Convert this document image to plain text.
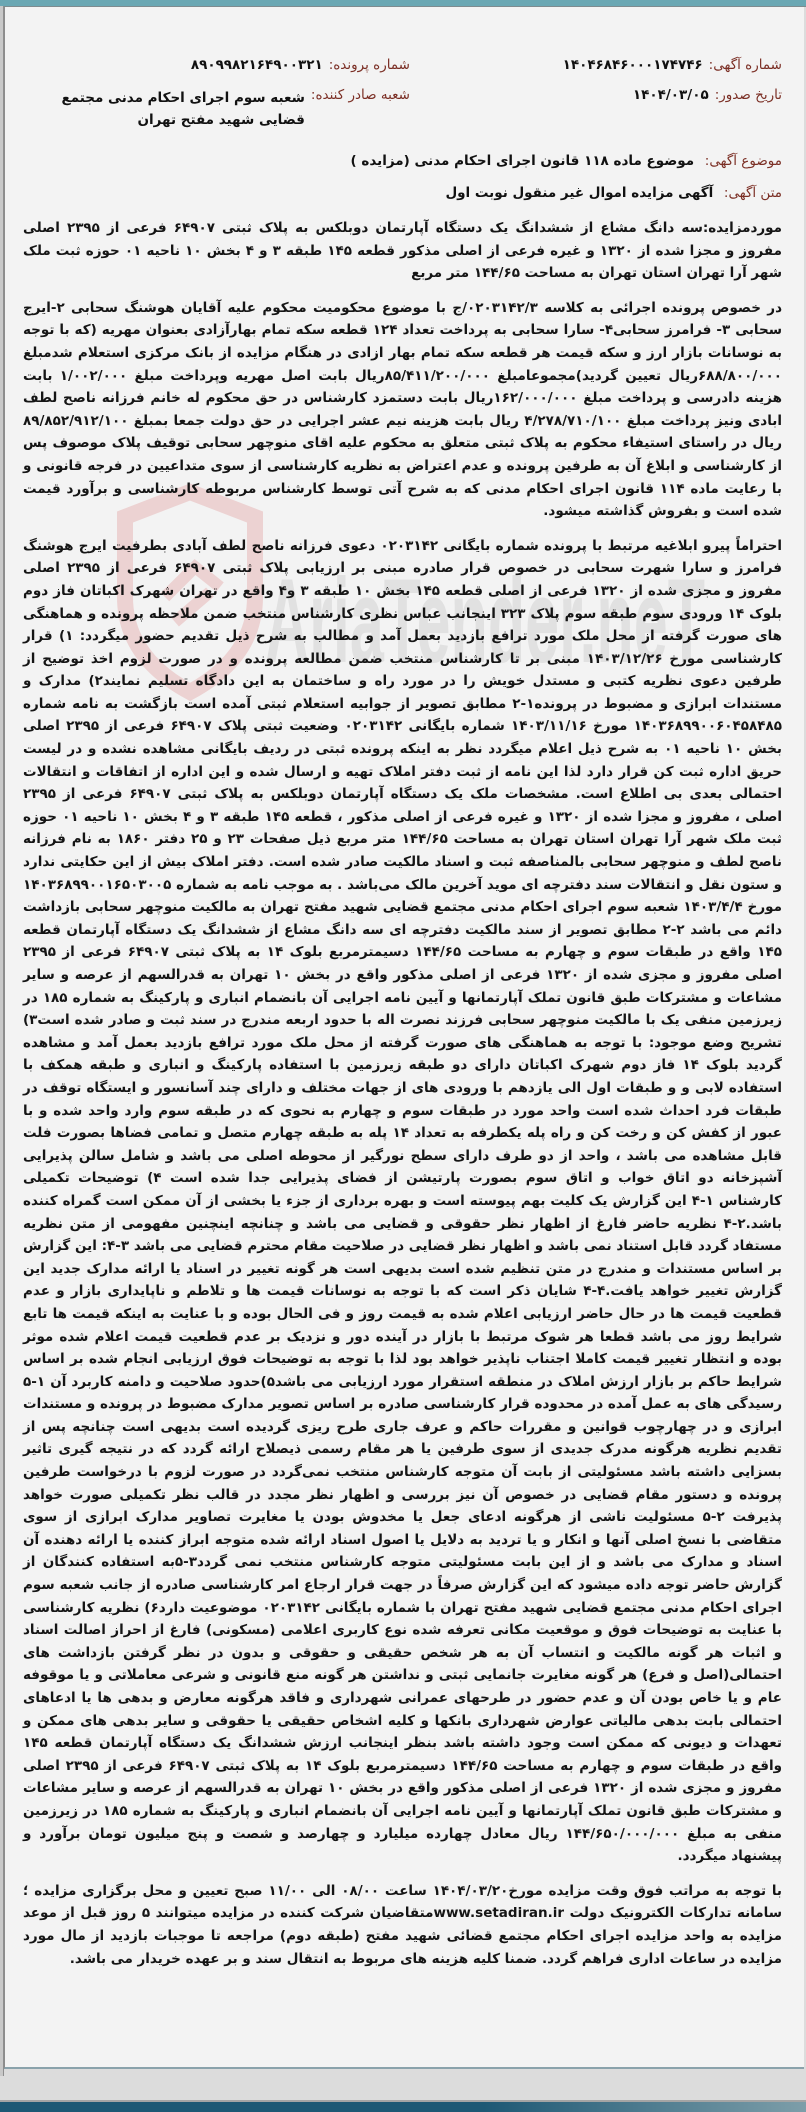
AriaTender.neT
شماره آگهی:
۱۴۰۴۶۸۴۶۰۰۰۱۷۴۷۴۶
شماره پرونده:
۸۹۰۹۹۸۲۱۶۴۹۰۰۳۲۱
تاریخ صدور:
۱۴۰۴/۰۳/۰۵
شعبه صادر کننده:
شعبه سوم اجرای احکام مدنی مجتمع قضایی شهید مفتح تهران
موضوع آگهی: موضوع ماده ۱۱۸ قانون اجرای احکام مدنی (مزایده )
متن آگهی: آگهی مزایده اموال غیر منقول نوبت اول

موردمزایده:سه دانگ مشاع از ششدانگ یک دستگاه آپارتمان دوبلکس به پلاک ثبتی ۶۴۹۰۷ فرعی از ۲۳۹۵ اصلی مفروز و مجزا شده از ۱۳۲۰ و غیره فرعی از اصلی مذکور قطعه ۱۴۵ طبقه ۳ و ۴ بخش ۱۰ ناحیه ۰۱ حوزه ثبت ملک شهر آرا تهران استان تهران به مساحت ۱۴۴/۶۵ متر مربع

در خصوص پرونده اجرائی به کلاسه ۰۲۰۳۱۴۲/۳/ج با موضوع محکومیت محکوم علیه آقایان هوشنگ سحابی ۲-ایرج سحابی ۳- فرامرز سحابی۴- سارا سحابی به پرداخت تعداد ۱۲۴ قطعه سکه تمام بهارآزادی بعنوان مهریه (که با توجه به نوسانات بازار ارز و سکه قیمت هر قطعه سکه تمام بهار ازادی در هنگام مزایده از بانک مرکزی استعلام شدمبلغ ۶۸۸/۸۰۰/۰۰۰ریال تعیین گردید)مجموعامبلغ ۸۵/۴۱۱/۲۰۰/۰۰۰ریال بابت اصل مهریه وپرداخت مبلغ ۱/۰۰۲/۰۰۰ بابت هزینه دادرسی و پرداخت مبلغ ۱۶۲/۰۰۰/۰۰۰ریال بابت دستمزد کارشناس در حق محکوم له خانم فرزانه ناصح لطف ابادی ونیز پرداخت مبلغ ۴/۲۷۸/۷۱۰/۱۰۰ ریال بابت هزینه نیم عشر اجرایی در حق دولت جمعا بمبلغ ۸۹/۸۵۲/۹۱۲/۱۰۰ ریال در راستای استیفاء محکوم به پلاک ثبتی متعلق به محکوم علیه اقای منوچهر سحابی توقیف پلاک موصوف پس از کارشناسی و ابلاغ آن به طرفین پرونده و عدم اعتراض به نظریه کارشناسی از سوی متداعیین در فرجه قانونی و با رعایت ماده ۱۱۴ قانون اجرای احکام مدنی که به شرح آتی توسط کارشناس مربوطه کارشناسی و برآورد قیمت شده است و بفروش گذاشته میشود.

احتراماً پیرو ابلاغیه مرتبط با پرونده شماره بایگانی ۰۲۰۳۱۴۲ دعوی فرزانه ناصح لطف آبادی بطرفیت ایرج هوشنگ فرامرز و سارا شهرت سحابی در خصوص قرار صادره مبنی بر ارزیابی پلاک ثبتی ۶۴۹۰۷ فرعی از ۲۳۹۵ اصلی مفروز و مجزی شده از ۱۳۲۰ فرعی از اصلی قطعه ۱۴۵ بخش ۱۰ طبقه ۳ و۴ واقع در تهران شهرک اکباتان فاز دوم بلوک ۱۴ ورودی سوم طبقه سوم پلاک ۳۲۳ اینجانب عباس نظری کارشناس منتخب ضمن ملاحظه پرونده و هماهنگی های صورت گرفته از محل ملک مورد ترافع بازدید بعمل آمد و مطالب به شرح ذیل تقدیم حضور میگردد: ۱) قرار کارشناسی مورخ ۱۴۰۳/۱۲/۲۶ مبنی بر تا کارشناس منتخب ضمن مطالعه پرونده و در صورت لزوم اخذ توضیح از طرفین دعوی نظریه کتبی و مستدل خویش را در مورد راه و ساختمان به این دادگاه تسلیم نمایند۲) مدارک و مستندات ابرازی و مضبوط در پرونده۱-۲ مطابق تصویر از جوابیه استعلام ثبتی آمده است بازگشت به نامه شماره ۱۴۰۳۶۸۹۹۰۰۶۰۴۵۸۴۸۵ مورخ ۱۴۰۳/۱۱/۱۶ شماره بایگانی ۰۲۰۳۱۴۲ وضعیت ثبتی پلاک ۶۴۹۰۷ فرعی از ۲۳۹۵ اصلی بخش ۱۰ ناحیه ۰۱ به شرح ذیل اعلام میگردد نظر به اینکه پرونده ثبتی در ردیف بایگانی مشاهده نشده و در لیست حریق اداره ثبت کن قرار دارد لذا این نامه از ثبت دفتر املاک تهیه و ارسال شده و این اداره از اتفاقات و انتقالات احتمالی بعدی بی اطلاع است. مشخصات ملک یک دستگاه آپارتمان دوبلکس به پلاک ثبتی ۶۴۹۰۷ فرعی از ۲۳۹۵ اصلی ، مفروز و مجزا شده از ۱۳۲۰ و غیره فرعی از اصلی مذکور ، قطعه ۱۴۵ طبقه ۳ و ۴ بخش ۱۰ ناحیه ۰۱ حوزه ثبت ملک شهر آرا تهران استان تهران به مساحت ۱۴۴/۶۵ متر مربع ذیل صفحات ۲۳ و ۲۵ دفتر ۱۸۶۰ به نام فرزانه ناصح لطف و منوچهر سحابی بالمناصفه ثبت و اسناد مالکیت صادر شده است. دفتر املاک بیش از این حکایتی ندارد و ستون نقل و انتقالات سند دفترچه ای موید آخرین مالک می‌باشد . به موجب نامه به شماره ۱۴۰۳۶۸۹۹۰۰۱۶۵۰۳۰۰۵ مورخ ۱۴۰۳/۴/۴ شعبه سوم اجرای احکام مدنی مجتمع قضایی شهید مفتح تهران به مالکیت منوچهر سحابی بازداشت دائم می باشد ۲-۲ مطابق تصویر از سند مالکیت دفترچه ای سه دانگ مشاع از ششدانگ یک دستگاه آپارتمان قطعه ۱۴۵ واقع در طبقات سوم و چهارم به مساحت ۱۴۴/۶۵ دسیمترمربع بلوک ۱۴ به پلاک ثبتی ۶۴۹۰۷ فرعی از ۲۳۹۵ اصلی مفروز و مجزی شده از ۱۳۲۰ فرعی از اصلی مذکور واقع در بخش ۱۰ تهران به قدرالسهم از عرصه و سایر مشاعات و مشترکات طبق قانون تملک آپارتمانها و آیین نامه اجرایی آن بانضمام انباری و پارکینگ به شماره ۱۸۵ در زیرزمین منفی یک با مالکیت منوچهر سحابی فرزند نصرت اله با حدود اربعه مندرج در سند ثبت و صادر شده است۳) تشریح وضع موجود: با توجه به هماهنگی های صورت گرفته از محل ملک مورد ترافع بازدید بعمل آمد و مشاهده گردید بلوک ۱۴ فاز دوم شهرک اکباتان دارای دو طبقه زیرزمین با استفاده پارکینگ و انباری و طبقه همکف با استفاده لابی و و طبقات اول الی یازدهم با ورودی های از جهات مختلف و دارای چند آسانسور و ایستگاه توقف در طبقات فرد احداث شده است واحد مورد در طبقات سوم و چهارم به نحوی که در طبقه سوم وارد واحد شده و با عبور از کفش کن و رخت کن و راه پله یکطرفه به تعداد ۱۴ پله به طبقه چهارم متصل و تمامی فضاها بصورت فلت قابل مشاهده می باشد ، واحد از دو طرف دارای سطح نورگیر از محوطه اصلی می باشد و شامل سالن پذیرایی آشپزخانه دو اتاق خواب و اتاق سوم بصورت پارتیشن از فضای پذیرایی جدا شده است ۴) توضیحات تکمیلی کارشناس ۱-۴ این گزارش یک کلیت بهم پیوسته است و بهره برداری از جزء یا بخشی از آن ممکن است گمراه کننده باشد.۲-۴ نظریه حاضر فارغ از اظهار نظر حقوقی و قضایی می باشد و چنانچه اینچنین مفهومی از متن نظریه مستفاد گردد قابل استناد نمی باشد و اظهار نظر قضایی در صلاحیت مقام محترم قضایی می باشد ۳-۴: این گزارش بر اساس مستندات و مندرج در متن تنظیم شده است بدیهی است هر گونه تغییر در اسناد یا ارائه مدارک جدید این گزارش تغییر خواهد یافت.۴-۴ شایان ذکر است که با توجه به نوسانات قیمت ها و تلاطم و ناپایداری بازار و عدم قطعیت قیمت ها در حال حاضر ارزیابی اعلام شده به قیمت روز و فی الحال بوده و با عنایت به اینکه قیمت ها تابع شرایط روز می باشد قطعا هر شوک مرتبط با بازار در آینده دور و نزدیک بر عدم قطعیت قیمت اعلام شده موثر بوده و انتظار تغییر قیمت کاملا اجتناب ناپذیر خواهد بود لذا با توجه به توضیحات فوق ارزیابی انجام شده بر اساس شرایط حاکم بر بازار ارزش املاک در منطقه استقرار مورد ارزیابی می باشد۵)حدود صلاحیت و دامنه کاربرد آن ۱-۵ رسیدگی های به عمل آمده در محدوده قرار کارشناسی صادره بر اساس تصویر مدارک مضبوط در پرونده و مستندات ابرازی و در چهارچوب قوانین و مقررات حاکم و عرف جاری طرح ریزی گردیده است بدیهی است چنانچه پس از تقدیم نظریه هرگونه مدرک جدیدی از سوی طرفین یا هر مقام رسمی ذیصلاح ارائه گردد که در نتیجه گیری تاثیر بسزایی داشته باشد مسئولیتی از بابت آن متوجه کارشناس منتخب نمی‌گردد در صورت لزوم با درخواست طرفین پرونده و دستور مقام قضایی در خصوص آن نیز بررسی و اظهار نظر مجدد در قالب نظر تکمیلی صورت خواهد پذیرفت ۲-۵ مسئولیت ناشی از هرگونه ادعای جعل یا مخدوش بودن یا مغایرت تصاویر مدارک ابرازی از سوی متقاضی با نسخ اصلی آنها و انکار و یا تردید به دلایل یا اصول اسناد ارائه شده متوجه ابراز کننده یا ارائه دهنده آن اسناد و مدارک می باشد و از این بابت مسئولیتی متوجه کارشناس منتخب نمی گردد۳-۵به استفاده کنندگان از گزارش حاضر توجه داده میشود که این گزارش صرفاً در جهت قرار ارجاع امر کارشناسی صادره از جانب شعبه سوم اجرای احکام مدنی مجتمع قضایی شهید مفتح تهران با شماره بایگانی ۰۲۰۳۱۴۲ موضوعیت دارد۶) نظریه کارشناسی با عنایت به توضیحات فوق و موقعیت مکانی تعرفه شده نوع کاربری اعلامی (مسکونی) فارغ از احراز اصالت اسناد و اثبات هر گونه مالکیت و انتساب آن به هر شخص حقیقی و حقوقی و بدون در نظر گرفتن بازداشت های احتمالی(اصل و فرع) هر گونه مغایرت جانمایی ثبتی و نداشتن هر گونه منع قانونی و شرعی معاملاتی و یا موقوفه عام و یا خاص بودن آن و عدم حضور در طرحهای عمرانی شهرداری و فاقد هرگونه معارض و بدهی ها یا ادعاهای احتمالی بابت بدهی مالیاتی عوارض شهرداری بانکها و کلیه اشخاص حقیقی یا حقوقی و سایر بدهی های ممکن و تعهدات و دیونی که ممکن است وجود داشته باشد بنظر اینجانب ارزش ششدانگ یک دستگاه آپارتمان قطعه ۱۴۵ واقع در طبقات سوم و چهارم به مساحت ۱۴۴/۶۵ دسیمترمربع بلوک ۱۴ به پلاک ثبتی ۶۴۹۰۷ فرعی از ۲۳۹۵ اصلی مفروز و مجزی شده از ۱۳۲۰ فرعی از اصلی مذکور واقع در بخش ۱۰ تهران به قدرالسهم از عرصه و سایر مشاعات و مشترکات طبق قانون تملک آپارتمانها و آیین نامه اجرایی آن بانضمام انباری و پارکینگ به شماره ۱۸۵ در زیرزمین منفی به مبلغ ۱۴۴/۶۵۰/۰۰۰/۰۰۰ ریال معادل چهارده میلیارد و چهارصد و شصت و پنج میلیون تومان برآورد و پیشنهاد میگردد.

با توجه به مراتب فوق وقت مزایده مورخ۱۴۰۴/۰۳/۲۰ ساعت ۰۸/۰۰ الی ۱۱/۰۰ صبح تعیین و محل برگزاری مزایده ؛سامانه تدارکات الکترونیک دولت www.setadiran.irمتقاضیان شرکت کننده در مزایده میتوانند ۵ روز قبل از موعد مزایده به واحد مزایده اجرای احکام مجتمع قضائی شهید مفتح (طبقه دوم) مراجعه تا موجبات بازدید از مال مورد مزایده در ساعات اداری فراهم گردد. ضمنا کلیه هزینه های مربوط به انتقال سند و بر عهده خریدار می باشد.
